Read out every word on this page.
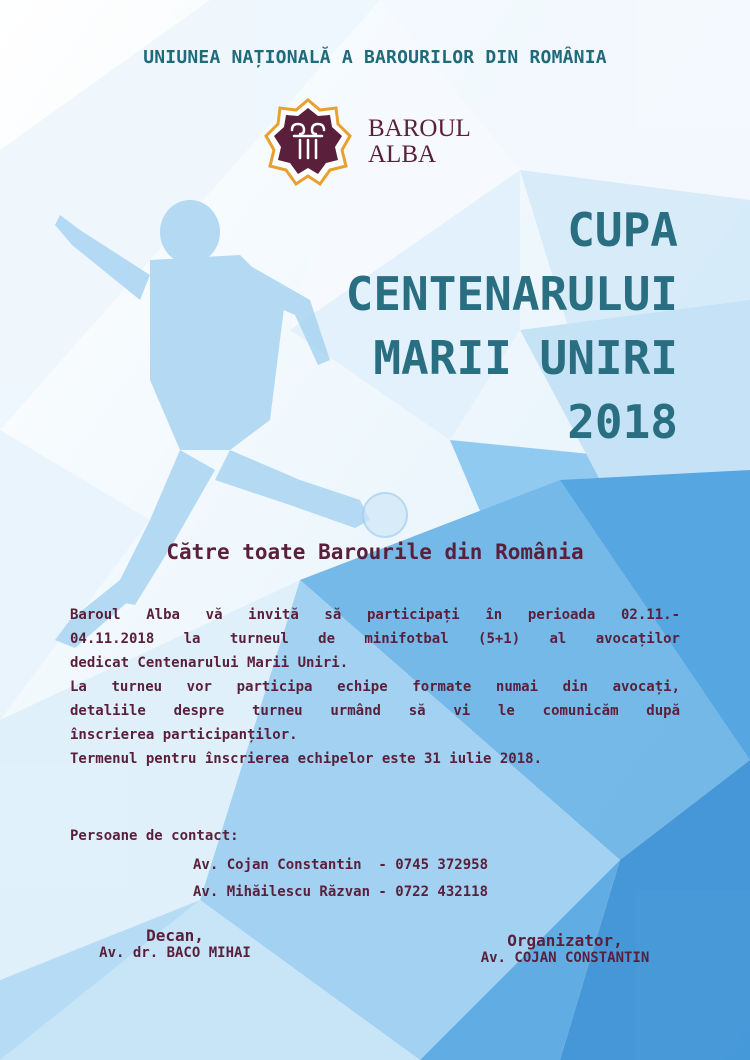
UNIUNEA NAȚIONALĂ A BAROURILOR DIN ROMÂNIA
BAROUL
ALBA
CUPA
CENTENARULUI
MARII UNIRI
2018
Către toate Barourile din România
Baroul Alba vă invită să participați în perioada 02.11.-
04.11.2018 la turneul de minifotbal (5+1) al avocaților
dedicat Centenarului Marii Uniri.
La turneu vor participa echipe formate numai din avocați,
detaliile despre turneu urmând să vi le comunicăm după
înscrierea participanților.
Termenul pentru înscrierea echipelor este 31 iulie 2018.
Persoane de contact:
Av. Cojan Constantin  - 0745 372958
Av. Mihăilescu Răzvan - 0722 432118
Decan,
Av. dr. BACO MIHAI
Organizator,
Av. COJAN CONSTANTIN
